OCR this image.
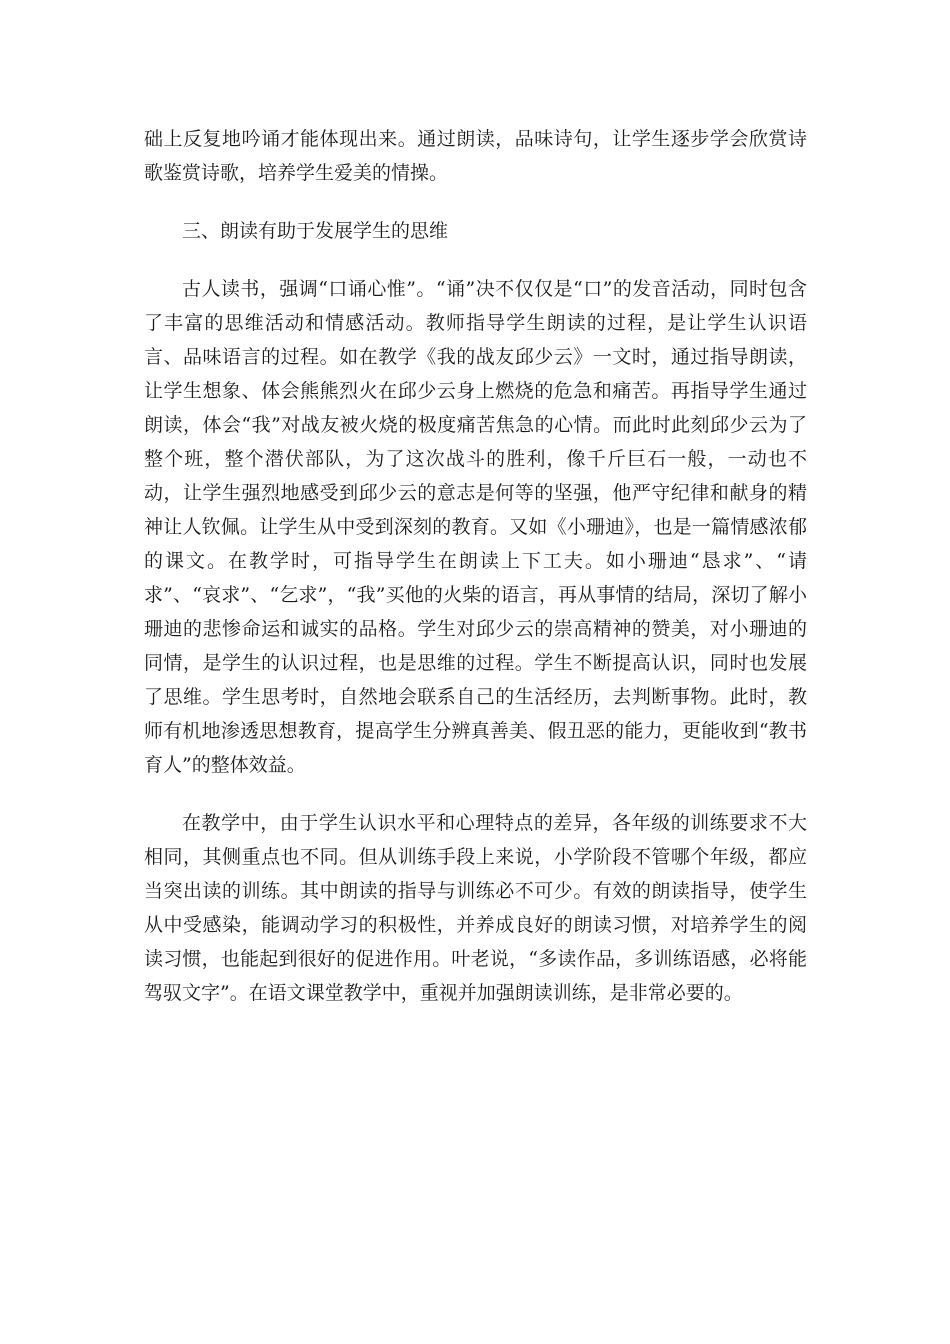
础上反复地吟诵才能体现出来。通过朗读，品味诗句，让学生逐步学会欣赏诗歌鉴赏诗歌，培养学生爱美的情操。

三、朗读有助于发展学生的思维

古人读书，强调“口诵心惟”。“诵”决不仅仅是“口”的发音活动，同时包含了丰富的思维活动和情感活动。教师指导学生朗读的过程，是让学生认识语言、品味语言的过程。如在教学《我的战友邱少云》一文时，通过指导朗读，让学生想象、体会熊熊烈火在邱少云身上燃烧的危急和痛苦。再指导学生通过朗读，体会“我”对战友被火烧的极度痛苦焦急的心情。而此时此刻邱少云为了整个班，整个潜伏部队，为了这次战斗的胜利，像千斤巨石一般，一动也不动，让学生强烈地感受到邱少云的意志是何等的坚强，他严守纪律和献身的精神让人钦佩。让学生从中受到深刻的教育。又如《小珊迪》，也是一篇情感浓郁的课文。在教学时，可指导学生在朗读上下工夫。如小珊迪“恳求”、“请求”、“哀求”、“乞求”，“我”买他的火柴的语言，再从事情的结局，深切了解小珊迪的悲惨命运和诚实的品格。学生对邱少云的崇高精神的赞美，对小珊迪的同情，是学生的认识过程，也是思维的过程。学生不断提高认识，同时也发展了思维。学生思考时，自然地会联系自己的生活经历，去判断事物。此时，教师有机地渗透思想教育，提高学生分辨真善美、假丑恶的能力，更能收到“教书育人”的整体效益。

在教学中，由于学生认识水平和心理特点的差异，各年级的训练要求不大相同，其侧重点也不同。但从训练手段上来说，小学阶段不管哪个年级，都应当突出读的训练。其中朗读的指导与训练必不可少。有效的朗读指导，使学生从中受感染，能调动学习的积极性，并养成良好的朗读习惯，对培养学生的阅读习惯，也能起到很好的促进作用。叶老说，“多读作品，多训练语感，必将能驾驭文字”。在语文课堂教学中，重视并加强朗读训练，是非常必要的。
